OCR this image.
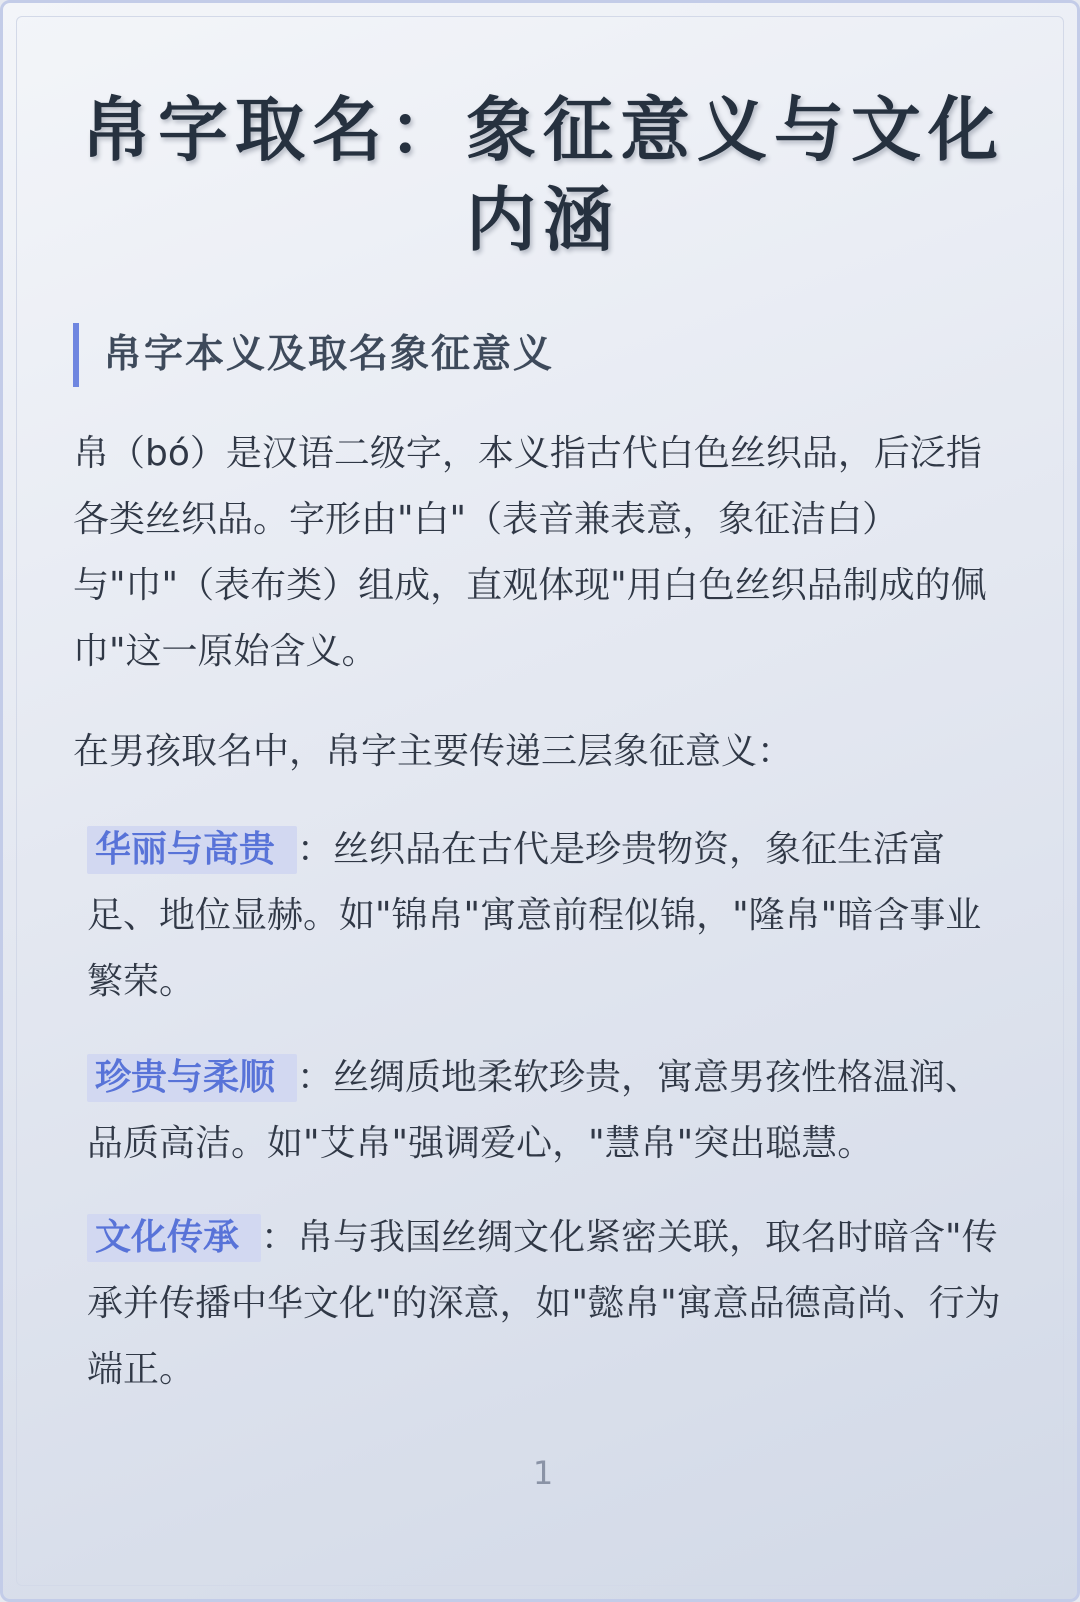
帛字取名：象征意义与文化内涵
帛字本义及取名象征意义

帛（bó）是汉语二级字，本义指古代白色丝织品，后泛指各类丝织品。字形由"白"（表音兼表意，象征洁白）与"巾"（表布类）组成，直观体现"用白色丝织品制成的佩巾"这一原始含义。

在男孩取名中，帛字主要传递三层象征意义：

华丽与高贵 ：丝织品在古代是珍贵物资，象征生活富足、地位显赫。如"锦帛"寓意前程似锦，"隆帛"暗含事业繁荣。
珍贵与柔顺 ：丝绸质地柔软珍贵，寓意男孩性格温润、品质高洁。如"艾帛"强调爱心，"慧帛"突出聪慧。
文化传承 ：帛与我国丝绸文化紧密关联，取名时暗含"传承并传播中华文化"的深意，如"懿帛"寓意品德高尚、行为端正。

1
